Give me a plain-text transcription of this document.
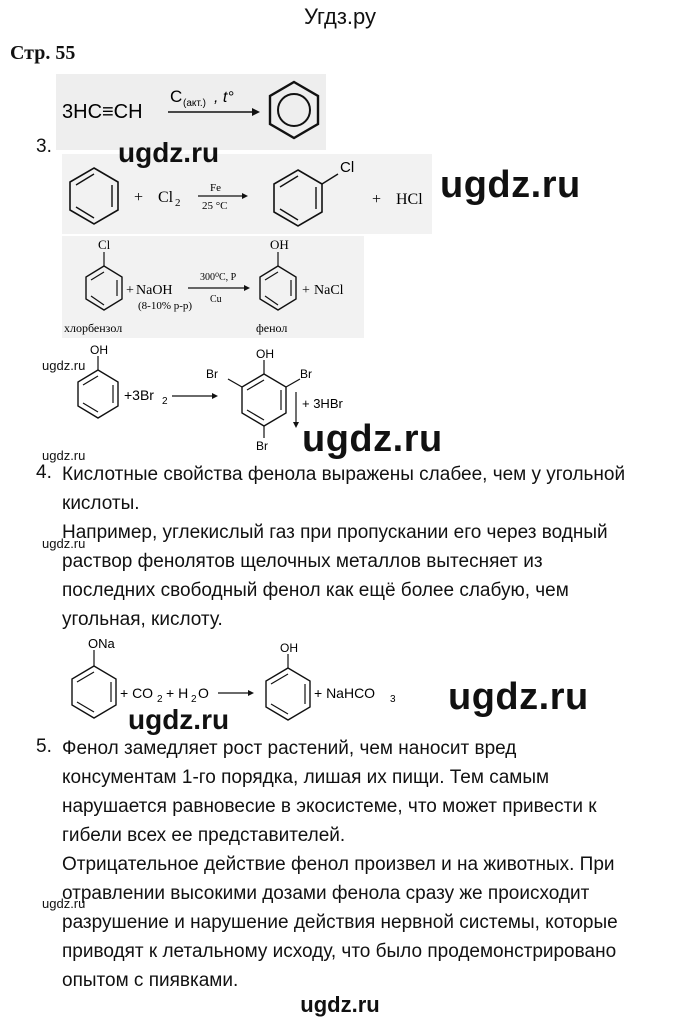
Угдз.ру
Стр. 55
3HC≡CH
C (акт.) , t°
3.
+ Cl 2
Fe
25 °C
Cl
+ HCl
ugdz.ru
ugdz.ru
Cl
+ NaOH
(8-10% р-р)
300⁰С, Р
Cu
OH
+ NaCl
хлорбензол	фенол
ugdz.ru
OH
+3Br 2
OH
Br	Br
Br
+ 3HBr
ugdz.ru
ugdz.ru
4. Кислотные свойства фенола выражены слабее, чем у угольной
кислоты.
Например, углекислый газ при пропускании его через водный
раствор фенолятов щелочных металлов вытесняет из
последних свободный фенол как ещё более слабую, чем
угольная, кислоту.
ugdz.ru
ONa
+ CO 2 + H 2 O
OH
+ NaHCO 3 ugdz.ru
ugdz.ru
5. Фенол замедляет рост растений, чем наносит вред
консументам 1-го порядка, лишая их пищи. Тем самым
нарушается равновесие в экосистеме, что может привести к
гибели всех ее представителей.
Отрицательное действие фенол произвел и на животных. При
отравлении высокими дозами фенола сразу же происходит
разрушение и нарушение действия нервной системы, которые
приводят к летальному исходу, что было продемонстрировано
опытом с пиявками.
ugdz.ru
ugdz.ru
